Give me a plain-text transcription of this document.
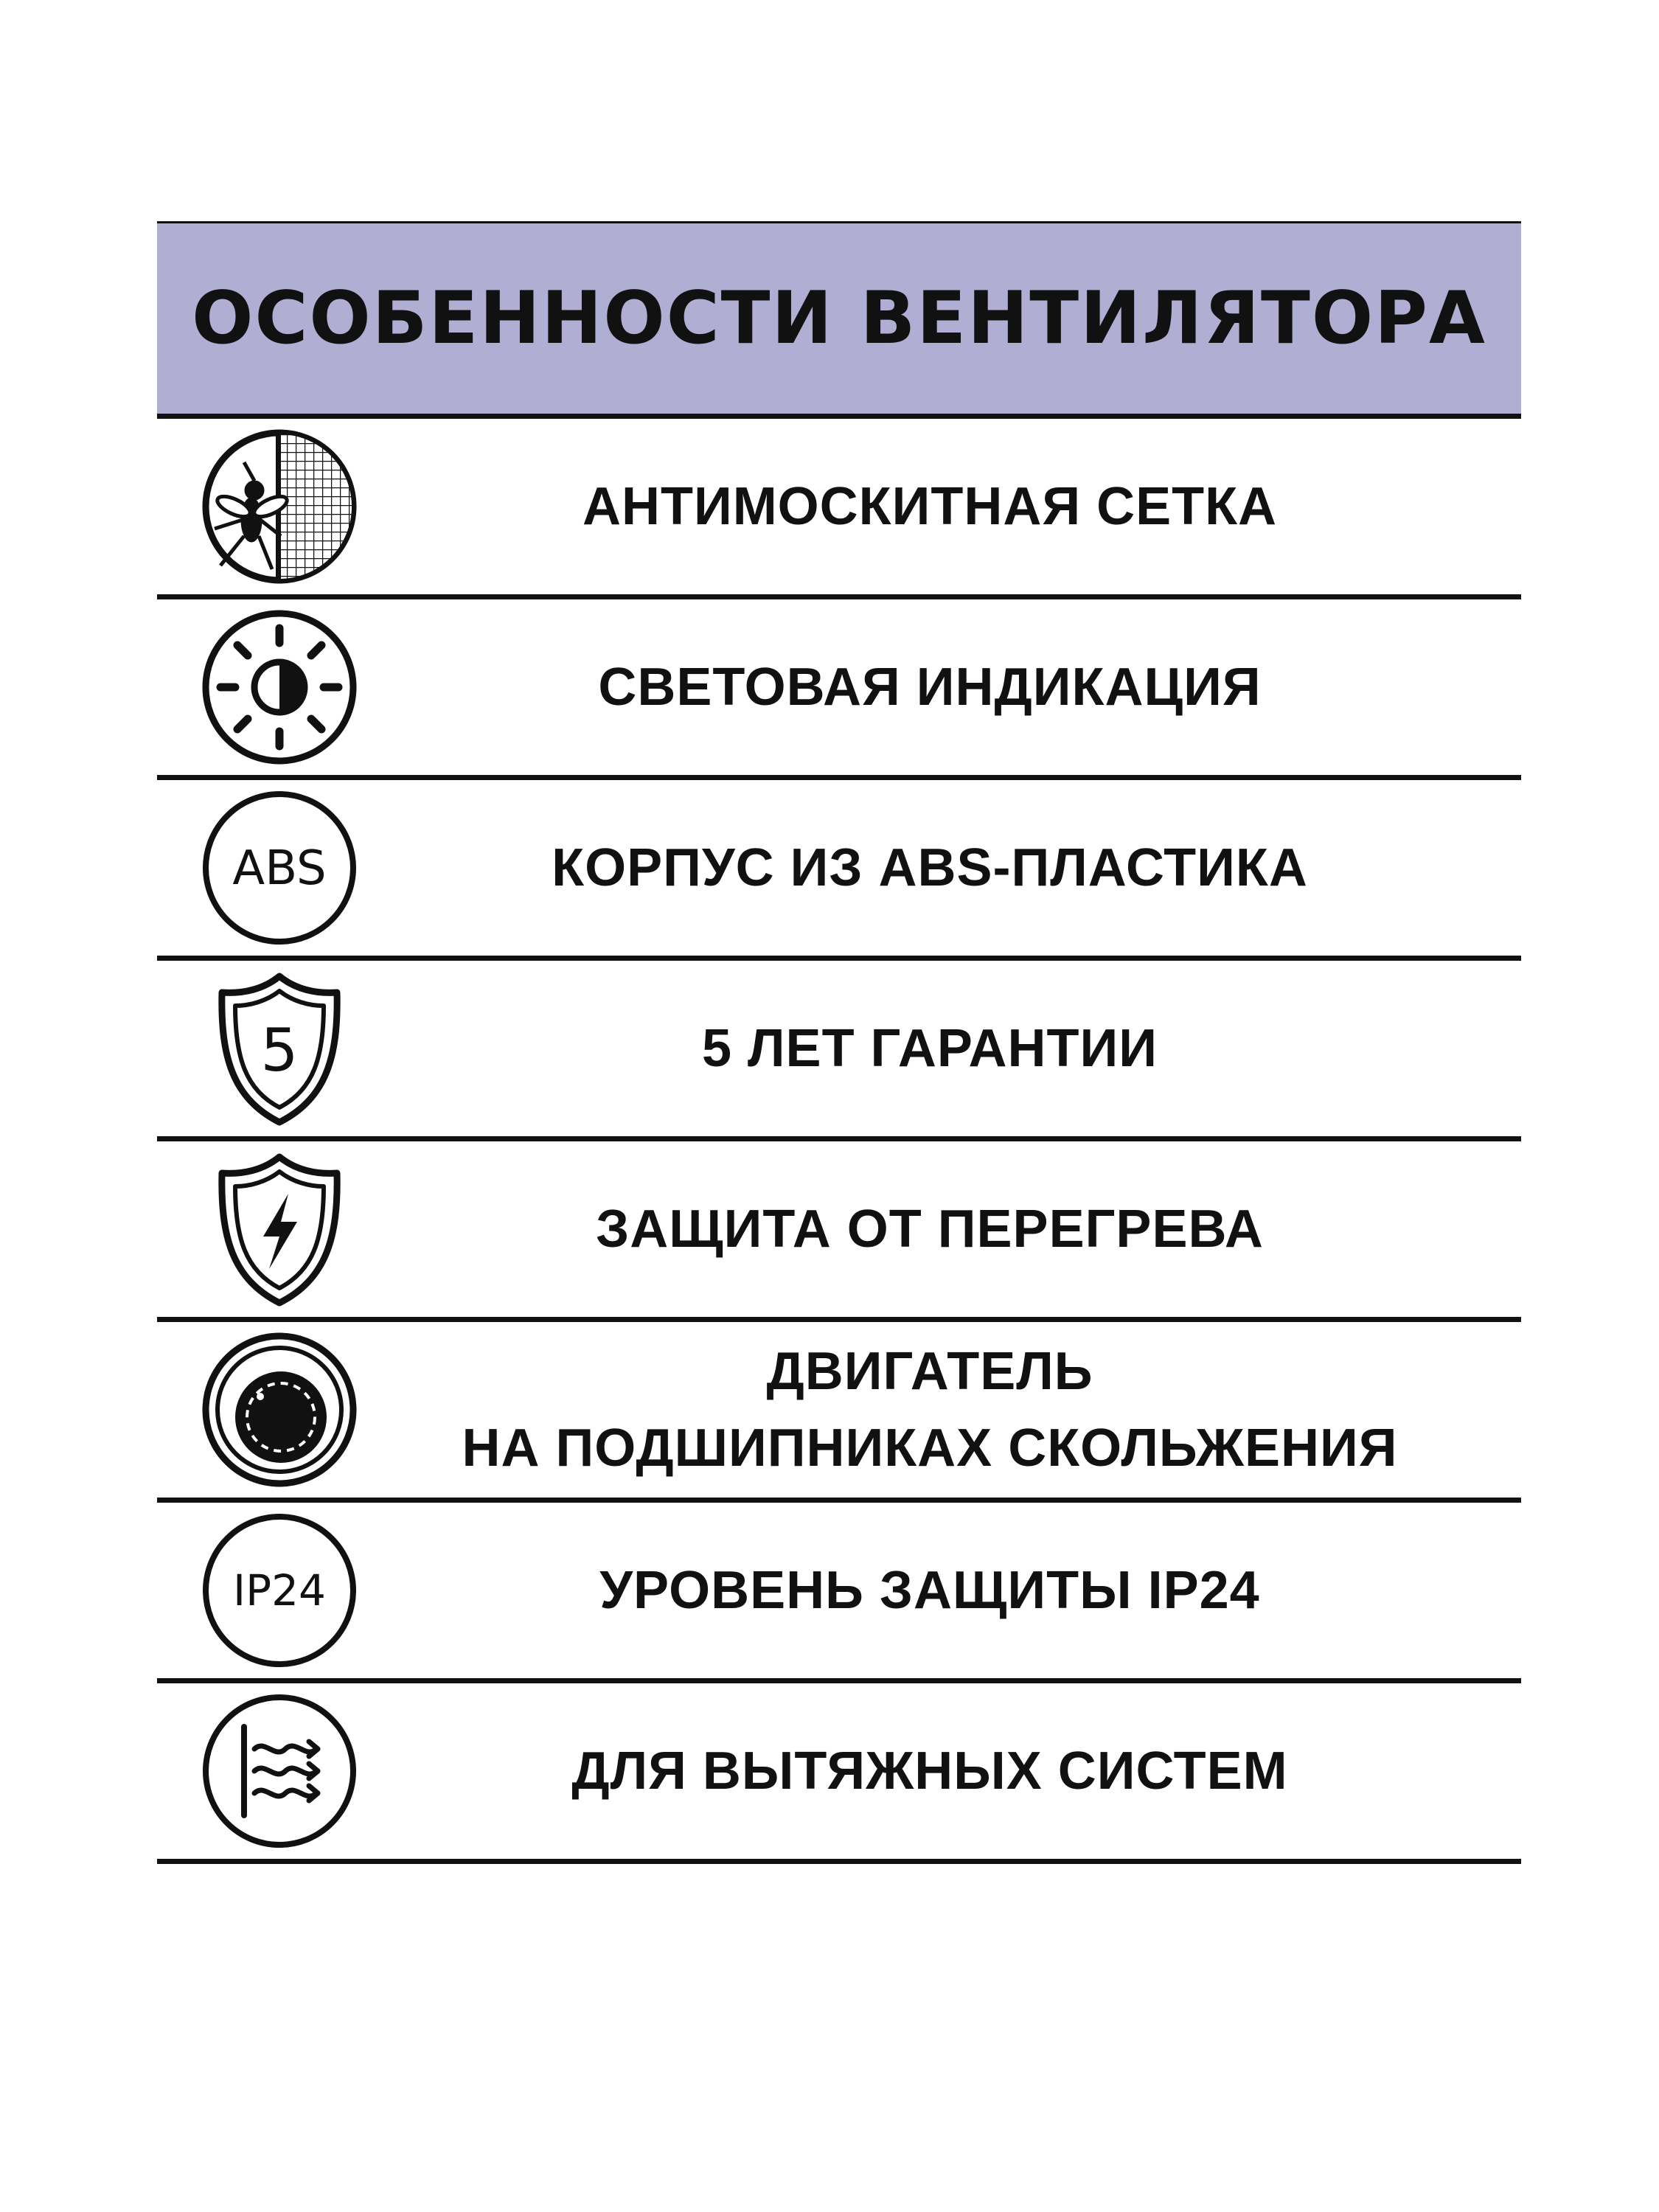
ОСОБЕННОСТИ ВЕНТИЛЯТОРА
АНТИМОСКИТНАЯ СЕТКА
СВЕТОВАЯ ИНДИКАЦИЯ
ABS	КОРПУС ИЗ ABS-ПЛАСТИКА
5	5 ЛЕТ ГАРАНТИИ
ЗАЩИТА ОТ ПЕРЕГРЕВА
ДВИГАТЕЛЬ
НА ПОДШИПНИКАХ СКОЛЬЖЕНИЯ
IP24	УРОВЕНЬ ЗАЩИТЫ IP24
ДЛЯ ВЫТЯЖНЫХ СИСТЕМ
